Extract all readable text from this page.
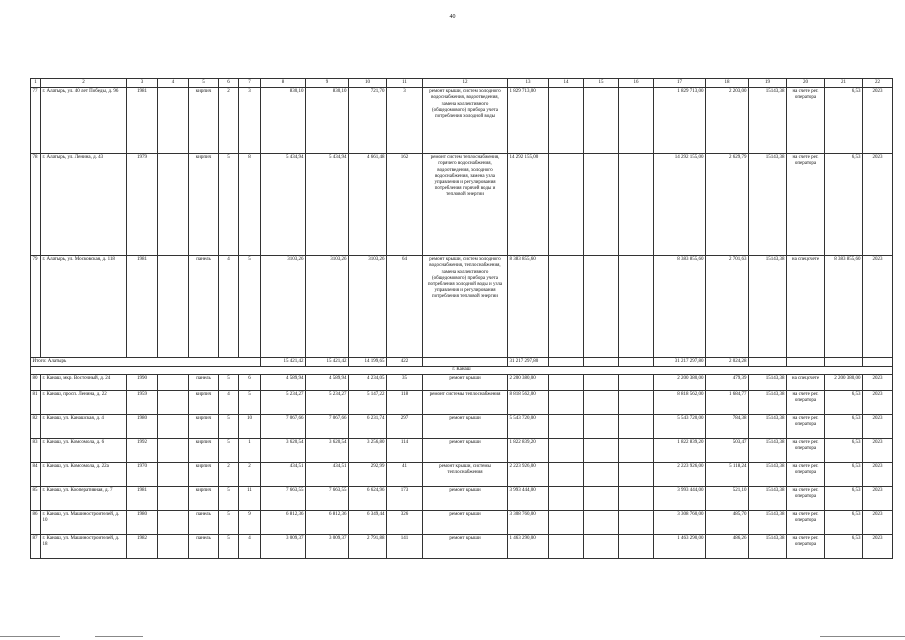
40
1	2	3	4	5	6	7	8	9	10	11	12	13	14	15	16	17	18	19	20	21	22
77	г. Алатырь, ул. 40 лет Победы, д. 96	1981		кирпич	2	3	830,10	830,10	721,70	3	ремонт крыши, систем холодного водоснабжения, водоотведения, замена коллективного (общедомового) прибора учета потребления холодной воды	1 829 713,00				1 829 713,00	2 203,00	15143,38	на счете рег. оператора	6,53	2023
78	г. Алатырь, ул. Ленина, д. 43	1979		кирпич	5	8	5 434,94	5 434,94	4 661,48	162	ремонт систем теплоснабжения, горячего водоснабжения, водоотведения, холодного водоснабжения, замена узла управления и регулирования потребления горячей воды и тепловой энергии	14 292 155,00				14 292 155,00	2 629,79	15143,38	на счете рег. оператора	6,53	2023
79	г. Алатырь, ул. Московская, д. 118	1981		панель	4	5	3103,26	3103,26	3103,26	64	ремонт крыши, систем холодного водоснабжения, теплоснабжения, замена коллективного (общедомового) прибора учета потребления холодной воды и узла управления и регулирования потребления тепловой энергии	8 383 855,60				8 383 855,60	2 701,63	15143,38	на спецсчете	8 383 855,60	2023
Итого: Алатырь							15 421,42	15 421,42	14 199,65	422		31 217 297,80				31 217 297,80	2 024,28				
г. Канаш																					
80	г. Канаш, мкр. Восточный, д. 24	1990		панель	5	6	4 589,94	4 589,94	4 234,05	35	ремонт крыши	2 200 380,00				2 200 380,00	479,39	15143,38	на спецсчете	2 200 380,00	2023
81	г. Канаш, просп. Ленина, д. 22	1959		кирпич	4	5	5 234,27	5 234,27	5 147,22	118	ремонт системы теплоснабжения	8 818 562,00				8 818 562,00	1 684,77	15143,38	на счете рег. оператора	6,53	2023
82	г. Канаш, ул. Канашская, д. 4	1980		кирпич	5	10	7 067,66	7 067,66	6 231,74	297	ремонт крыши	5 543 720,00				5 543 720,00	784,38	15143,38	на счете рег. оператора	6,53	2023
83	г. Канаш, ул. Комсомола, д. 6	1992		кирпич	5	1	3 620,54	3 620,54	3 256,80	114	ремонт крыши	1 822 839,20				1 822 839,20	503,47	15143,38	на счете рег. оператора	6,53	2023
84	г. Канаш, ул. Комсомола, д. 22а	1970		кирпич	2	2	434,51	434,51	292,99	41	ремонт крыши, системы теплоснабжения	2 223 926,00				2 223 926,00	5 118,24	15143,38	на счете рег. оператора	6,53	2023
85	г. Канаш, ул. Кооперативная, д. 7	1981		кирпич	5	11	7 663,55	7 663,55	6 624,96	173	ремонт крыши	3 993 444,00				3 993 444,00	521,10	15143,38	на счете рег. оператора	6,53	2023
86	г. Канаш, ул. Машиностроителей, д. 10	1980		панель	5	9	6 812,36	6 812,36	6 349,44	326	ремонт крыши	3 308 760,00				3 308 760,00	485,70	15143,38	на счете рег. оператора	6,53	2023
87	г. Канаш, ул. Машиностроителей, д. 18	1982		панель	5	4	3 009,37	3 009,37	2 791,88	141	ремонт крыши	1 463 290,00				1 463 290,00	486,26	15143,38	на счете рег. оператора	6,53	2023
